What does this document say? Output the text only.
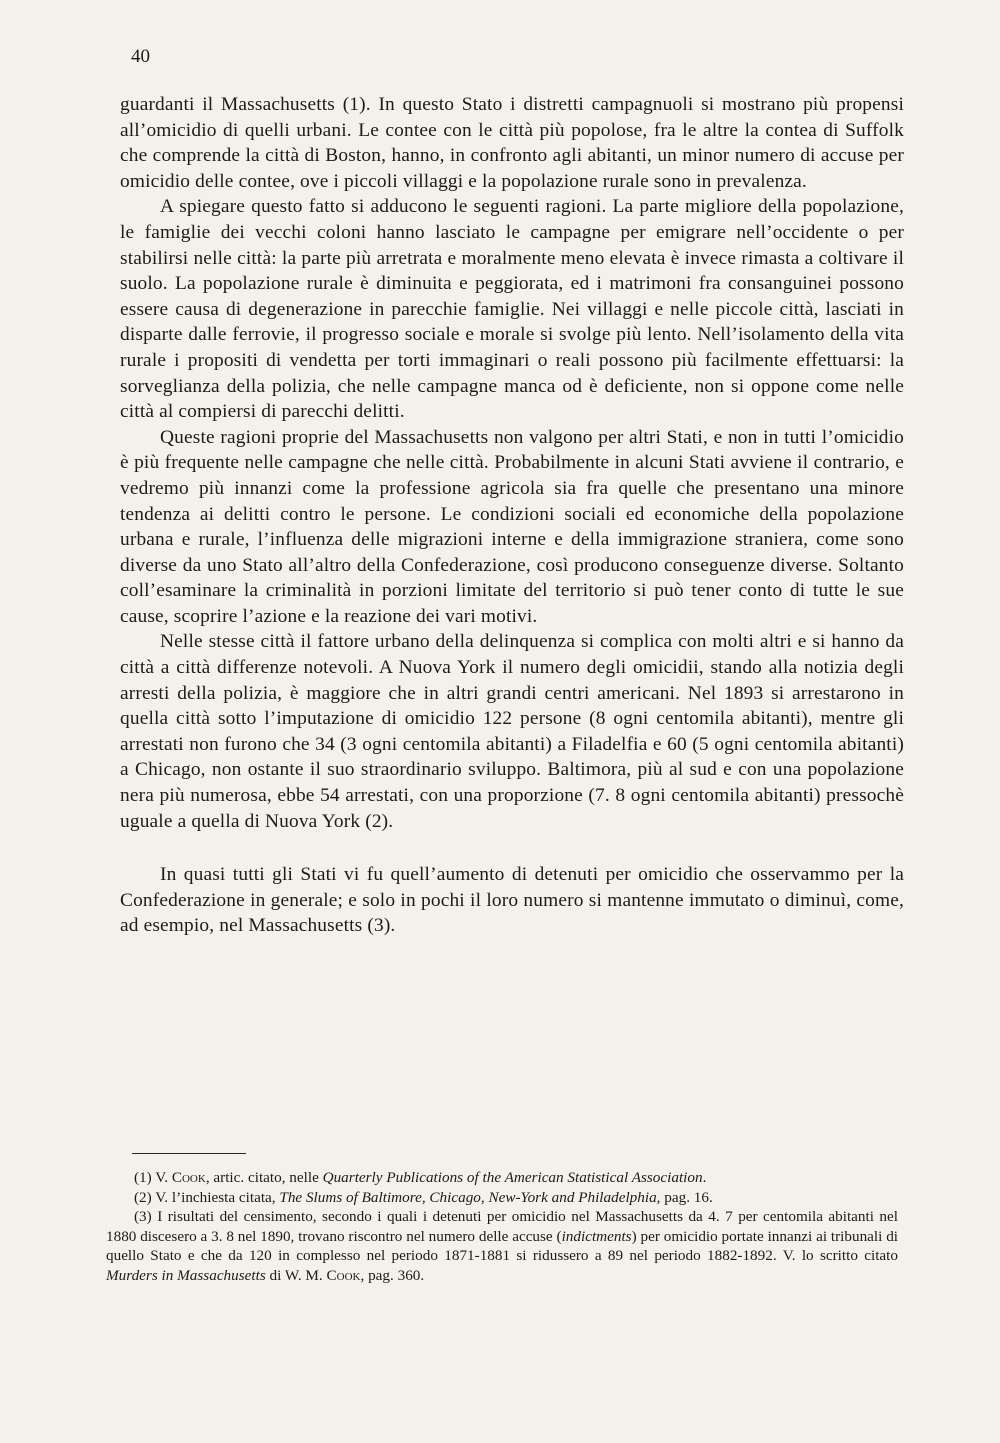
40

guardanti il Massachusetts (1). In questo Stato i distretti campagnuoli si mostrano più propensi all’omicidio di quelli urbani. Le contee con le città più popolose, fra le altre la contea di Suffolk che comprende la città di Boston, hanno, in confronto agli abitanti, un minor numero di accuse per omicidio delle contee, ove i piccoli villaggi e la popolazione rurale sono in prevalenza.

A spiegare questo fatto si adducono le seguenti ragioni. La parte migliore della popolazione, le famiglie dei vecchi coloni hanno lasciato le campagne per emigrare nell’occidente o per stabilirsi nelle città: la parte più arretrata e moralmente meno elevata è invece rimasta a coltivare il suolo. La popolazione rurale è diminuita e peggiorata, ed i matrimoni fra consanguinei possono essere causa di degenerazione in parecchie famiglie. Nei villaggi e nelle piccole città, lasciati in disparte dalle ferrovie, il progresso sociale e morale si svolge più lento. Nell’isolamento della vita rurale i propositi di vendetta per torti immaginari o reali possono più facilmente effettuarsi: la sorveglianza della polizia, che nelle campagne manca od è deficiente, non si oppone come nelle città al compiersi di parecchi delitti.

Queste ragioni proprie del Massachusetts non valgono per altri Stati, e non in tutti l’omicidio è più frequente nelle campagne che nelle città. Probabilmente in alcuni Stati avviene il contrario, e vedremo più innanzi come la professione agricola sia fra quelle che presentano una minore tendenza ai delitti contro le persone. Le condizioni sociali ed economiche della popolazione urbana e rurale, l’influenza delle migrazioni interne e della immigrazione straniera, come sono diverse da uno Stato all’altro della Confederazione, così producono conseguenze diverse. Soltanto coll’esaminare la criminalità in porzioni limitate del territorio si può tener conto di tutte le sue cause, scoprire l’azione e la reazione dei vari motivi.

Nelle stesse città il fattore urbano della delinquenza si complica con molti altri e si hanno da città a città differenze notevoli. A Nuova York il numero degli omicidii, stando alla notizia degli arresti della polizia, è maggiore che in altri grandi centri americani. Nel 1893 si arrestarono in quella città sotto l’imputazione di omicidio 122 persone (8 ogni centomila abitanti), mentre gli arrestati non furono che 34 (3 ogni centomila abitanti) a Filadelfia e 60 (5 ogni centomila abitanti) a Chicago, non ostante il suo straordinario sviluppo. Baltimora, più al sud e con una popolazione nera più numerosa, ebbe 54 arrestati, con una proporzione (7. 8 ogni centomila abitanti) pressochè uguale a quella di Nuova York (2).

In quasi tutti gli Stati vi fu quell’aumento di detenuti per omicidio che osservammo per la Confederazione in generale; e solo in pochi il loro numero si mantenne immutato o diminuì, come, ad esempio, nel Massachusetts (3).

(1) V. Cook, artic. citato, nelle Quarterly Publications of the American Statistical Association.

(2) V. l’inchiesta citata, The Slums of Baltimore, Chicago, New-York and Philadelphia, pag. 16.

(3) I risultati del censimento, secondo i quali i detenuti per omicidio nel Massachusetts da 4. 7 per centomila abitanti nel 1880 discesero a 3. 8 nel 1890, trovano riscontro nel numero delle accuse (indictments) per omicidio portate innanzi ai tribunali di quello Stato e che da 120 in complesso nel periodo 1871-1881 si ridussero a 89 nel periodo 1882-1892. V. lo scritto citato Murders in Massachusetts di W. M. Cook, pag. 360.
